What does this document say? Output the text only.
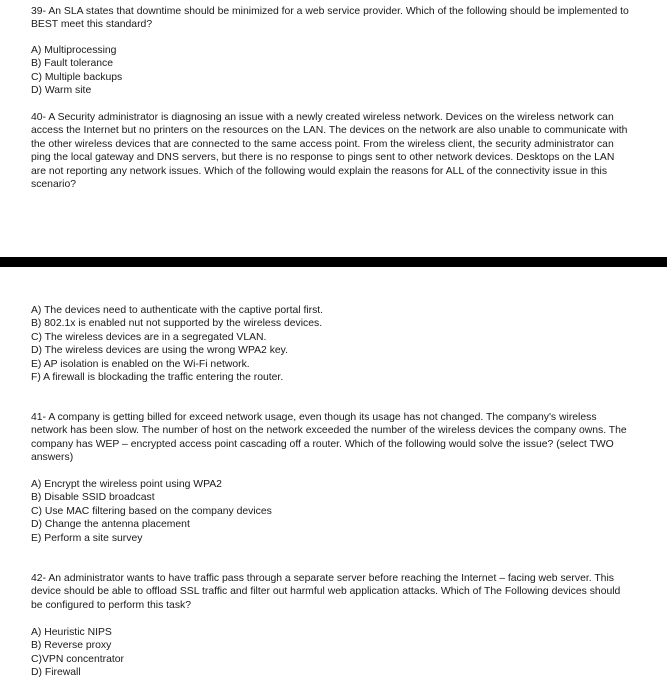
39- An SLA states that downtime should be minimized for a web service provider. Which of the following should be implemented to BEST meet this standard?

A) Multiprocessing
B) Fault tolerance
C) Multiple backups
D) Warm site

40- A Security administrator is diagnosing an issue with a newly created wireless network. Devices on the wireless network can access the Internet but no printers on the resources on the LAN. The devices on the network are also unable to communicate with the other wireless devices that are connected to the same access point. From the wireless client, the security administrator can ping the local gateway and DNS servers, but there is no response to pings sent to other network devices. Desktops on the LAN are not reporting any network issues. Which of the following would explain the reasons for ALL of the connectivity issue in this scenario?

A) The devices need to authenticate with the captive portal first.
B) 802.1x is enabled nut not supported by the wireless devices.
C) The wireless devices are in a segregated VLAN.
D) The wireless devices are using the wrong WPA2 key.
E) AP isolation is enabled on the Wi-Fi network.
F) A firewall is blockading the traffic entering the router.

41- A company is getting billed for exceed network usage, even though its usage has not changed. The company's wireless network has been slow. The number of host on the network exceeded the number of the wireless devices the company owns. The company has WEP – encrypted access point cascading off a router. Which of the following would solve the issue? (select TWO answers)

A) Encrypt the wireless point using WPA2
B) Disable SSID broadcast
C) Use MAC filtering based on the company devices
D) Change the antenna placement
E) Perform a site survey

42- An administrator wants to have traffic pass through a separate server before reaching the Internet – facing web server. This device should be able to offload SSL traffic and filter out harmful web application attacks. Which of The Following devices should be configured to perform this task?

A) Heuristic NIPS
B) Reverse proxy
C)VPN concentrator
D) Firewall
